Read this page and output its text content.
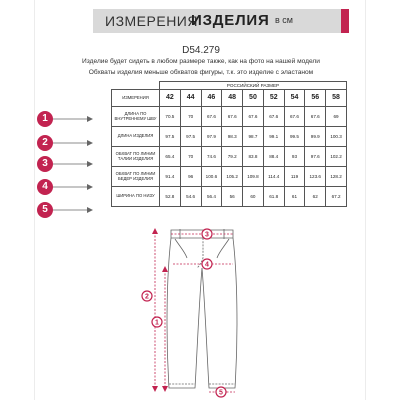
ИЗМЕРЕНИЯ
ИЗДЕЛИЯ в см
D54.279
Изделие будет сидеть в любом размере также, как на фото на нашей модели
Обхваты изделия меньше обхватов фигуры, т.к. это изделие с эластаном
	РОССИЙСКИЙ РАЗМЕР								
ИЗМЕРЕНИЯ	42	44	46	48	50	52	54	56	58
ДЛИНА ПО ВНУТРЕННЕМУ ШВУ	70.5	70	67.6	67.6	67.6	67.6	67.6	67.6	69
ДЛИНА ИЗДЕЛИЯ	97.5	97.5	97.9	98.3	98.7	99.1	99.5	99.9	100.3
ОБХВАТ ПО ЛИНИИ ТАЛИИ ИЗДЕЛИЯ	65.4	70	74.6	79.2	83.8	88.4	93	97.6	102.2
ОБХВАТ ПО ЛИНИИ БЕДЕР ИЗДЕЛИЯ	91.4	96	100.6	105.2	109.8	114.4	119	123.6	128.2
ШИРИНА ПО НИЗУ	52.8	54.6	56.4	56	60	61.8	61	62	67.2
1
2
3
4
5
2
1
3
4
5
